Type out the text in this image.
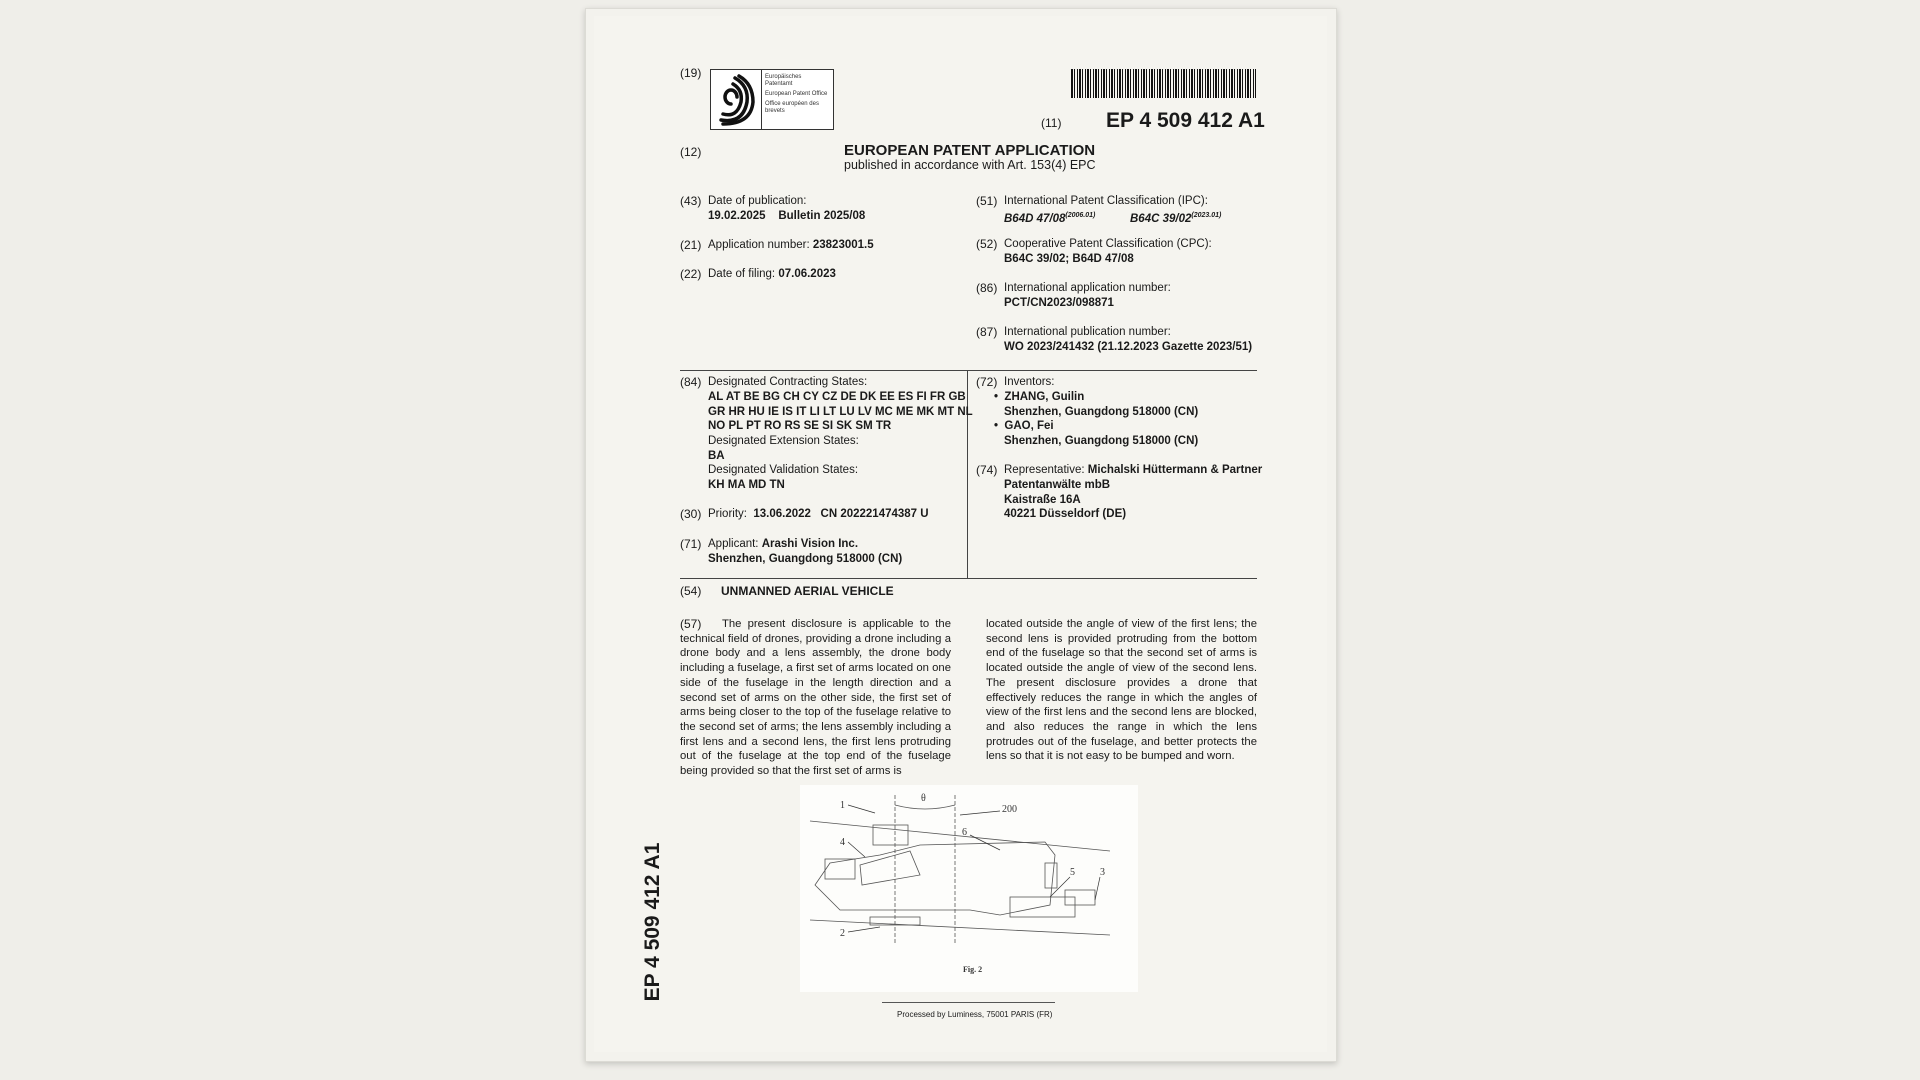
(19)	Europäisches Patentamt
European Patent Office
Office européen des brevets
(11) EP 4 509 412 A1
(12)	EUROPEAN PATENT APPLICATION
published in accordance with Art. 153(4) EPC
(43) Date of publication:
19.02.2025    Bulletin 2025/08
(21) Application number: 23823001.5
(22) Date of filing: 07.06.2023
(51) International Patent Classification (IPC):
B64D $47/08^{(2006.01)}$	B64C $39/02^{(2023.01)}$
(52) Cooperative Patent Classification (CPC):
B64C 39/02; B64D 47/08
(86) International application number:
PCT/CN2023/098871
(87) International publication number:
WO 2023/241432 (21.12.2023 Gazette 2023/51)
(84) Designated Contracting States:
AL AT BE BG CH CY CZ DE DK EE ES FI FR GB
GR HR HU IE IS IT LI LT LU LV MC ME MK MT NL
NO PL PT RO RS SE SI SK SM TR
Designated Extension States:
BA
Designated Validation States:
KH MA MD TN
(30) Priority: 13.06.2022   CN 202221474387 U
(71) Applicant: Arashi Vision Inc.
Shenzhen, Guangdong 518000 (CN)
(72) Inventors:
•  ZHANG, Guilin
Shenzhen, Guangdong 518000 (CN)
•  GAO, Fei
Shenzhen, Guangdong 518000 (CN)
(74) Representative: Michalski Hüttermann & Partner
Patentanwälte mbB
Kaistraße 16A
40221 Düsseldorf (DE)
(54) UNMANNED AERIAL VEHICLE
(57)	The present disclosure is applicable to the technical field of drones, providing a drone including a drone body and a lens assembly, the drone body including a fuselage, a first set of arms located on one side of the fuselage in the length direction and a second set of arms on the other side, the first set of arms being closer to the top of the fuselage relative to the second set of arms; the lens assembly including a first lens and a second lens, the first lens protruding out of the fuselage at the top end of the fuselage being provided so that the first set of arms is
located outside the angle of view of the first lens; the second lens is provided protruding from the bottom end of the fuselage so that the second set of arms is located outside the angle of view of the second lens. The present disclosure provides a drone that effectively reduces the range in which the angles of view of the first lens and the second lens are blocked, and also reduces the range in which the lens protrudes out of the fuselage, and better protects the lens so that it is not easy to be bumped and worn.
1
4
2
6
5	3
200
θ
Fig. 2
Processed by Luminess, 75001 PARIS (FR)
EP 4 509 412 A1
